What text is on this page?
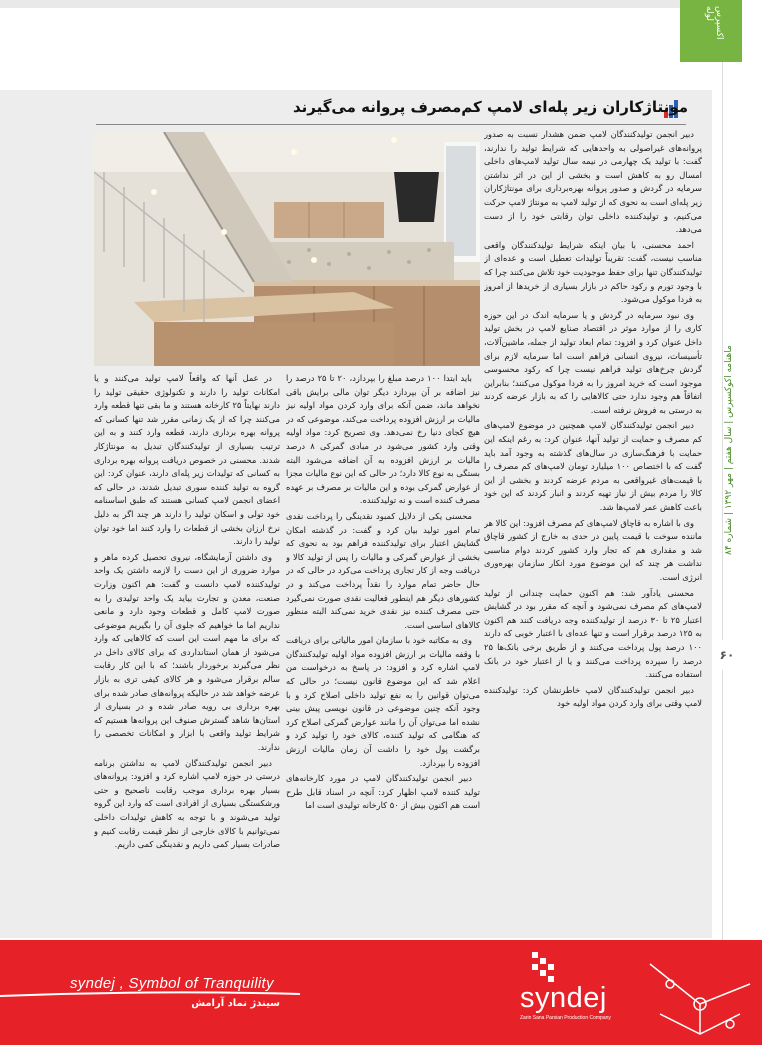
اکسپرس لوله
ماهنامه اکوکسپرس | سال هفتم | مهر ۱۳۹۲ | شماره ۸۴
۶۰
مونتاژکاران زیر پله‌ای لامپ کم‌مصرف پروانه می‌گیرند

دبیر انجمن تولیدکنندگان لامپ ضمن هشدار نسبت به صدور پروانه‌های غیراصولی به واحدهایی که شرایط تولید را ندارند، گفت: با تولید یک چهارمی در نیمه سال تولید لامپ‌های داخلی امسال رو به کاهش است و بخشی از این در اثر نداشتن سرمایه در گردش و صدور پروانه بهره‌برداری برای مونتاژکاران زیر پله‌ای است به نحوی که از تولید لامپ به مونتاژ لامپ حرکت می‌کنیم، و تولیدکننده داخلی توان رقابتی خود را از دست می‌دهد.

احمد محسنی، با بیان اینکه شرایط تولیدکنندگان واقعی مناسب نیست، گفت: تقریباً تولیدات تعطیل است و عده‌ای از تولیدکنندگان تنها برای حفظ موجودیت خود تلاش می‌کنند چرا که با وجود تورم و رکود حاکم در بازار بسیاری از خریدها از امروز به فردا موکول می‌شود.

وی نبود سرمایه در گردش و یا سرمایه اندک در این حوزه کاری را از موارد موثر در اقتصاد صنایع لامپ در بخش تولید داخل عنوان کرد و افزود: تمام ابعاد تولید از جمله، ماشین‌آلات، تأسیسات، نیروی انسانی فراهم است اما سرمایه لازم برای گردش چرخ‌های تولید فراهم نیست چرا که رکود محسوسی موجود است که خرید امروز را به فردا موکول می‌کنند؛ بنابراین اتفاقاً هم وجود ندارد حتی کالاهایی را که به بازار عرضه کردند به درستی به فروش نرفته است.

دبیر انجمن تولیدکنندگان لامپ همچنین در موضوع لامپ‌های کم مصرف و حمایت از تولید آنها، عنوان کرد: به رغم اینکه این حمایت با فرهنگ‌سازی در سال‌های گذشته به وجود آمد باید گفت که با اختصاص ۱۰۰ میلیارد تومان لامپ‌های کم مصرف را با قیمت‌های غیرواقعی به مردم عرضه کردند و بخشی از این کالا را مردم بیش از نیاز تهیه کردند و انبار کردند که این خود باعث کاهش عمر لامپ‌ها شد.

وی با اشاره به قاچاق لامپ‌های کم مصرف افزود: این کالا هر ماننده سوخت با قیمت پایین در حدی به خارج از کشور قاچاق شد و مقداری هم که تجار وارد کشور کردند دوام مناسبی نداشت هر چند که این موضوع مورد انکار سازمان بهره‌وری انرژی است.

محسنی یادآور شد: هم اکنون حمایت چندانی از تولید لامپ‌های کم مصرف نمی‌شود و آنچه که مقرر بود در گشایش اعتبار ۲۵ تا ۳۰ درصد از تولیدکننده وجه دریافت کنند هم اکنون به ۱۲۵ درصد برقرار است و تنها عده‌ای با اعتبار خوبی که دارند ۱۰۰ درصد پول پرداخت می‌کنند و از طریق برخی بانک‌ها ۲۵ درصد را سپرده پرداخت می‌کنند و یا از اعتبار خود در بانک استفاده می‌کنند.

دبیر انجمن تولیدکنندگان لامپ خاطرنشان کرد: تولیدکننده لامپ وقتی برای وارد کردن مواد اولیه خود

باید ابتدا ۱۰۰ درصد مبلغ را بپردازد، ۲۰ تا ۲۵ درصد را نیز اضافه بر آن بپردازد دیگر توان مالی برایش باقی نخواهد ماند، ضمن آنکه برای وارد کردن مواد اولیه نیز مالیات بر ارزش افزوده پرداخت می‌کند، موضوعی که در هیچ کجای دنیا رخ نمی‌دهد. وی تصریح کرد: مواد اولیه وقتی وارد کشور می‌شود در مبادی گمرکی ۸ درصد مالیات بر ارزش افزوده به آن اضافه می‌شود البته بستگی به نوع کالا دارد؛ در حالی که این نوع مالیات مجزا از عوارض گمرکی بوده و این مالیات بر مصرف بر عهده مصرف کننده است و نه تولیدکننده.

محسنی یکی از دلایل کمبود نقدینگی را پرداخت نقدی تمام امور تولید بیان کرد و گفت: در گذشته امکان گشایش اعتبار برای تولیدکننده فراهم بود به نحوی که بخشی از عوارض گمرکی و مالیات را پس از تولید کالا و دریافت وجه از کار تجاری پرداخت می‌کرد در حالی که در حال حاضر تمام موارد را نقداً پرداخت می‌کند و در کشورهای دیگر هم اینطور فعالیت نقدی صورت نمی‌گیرد حتی مصرف کننده نیز نقدی خرید نمی‌کند البته منظور کالاهای اساسی است.

وی به مکاتبه خود با سازمان امور مالیاتی برای دریافت با وقفه مالیات بر ارزش افزوده مواد اولیه تولیدکنندگان لامپ اشاره کرد و افزود: در پاسخ به درخواست من اعلام شد که این موضوع قانون نیست؛ در حالی که می‌توان قوانین را به نفع تولید داخلی اصلاح کرد و با وجود آنکه چنین موضوعی در قانون نویسی پیش بینی نشده اما می‌توان آن را مانند عوارض گمرکی اصلاح کرد که هنگامی که تولید کننده، کالای خود را تولید کرد و برگشت پول خود را داشت آن زمان مالیات ارزش افزوده را بپردازد.

دبیر انجمن تولیدکنندگان لامپ در مورد کارخانه‌های تولید کننده لامپ اظهار کرد: آنچه در اسناد قابل طرح است هم اکنون بیش از ۵۰ کارخانه تولیدی است اما

در عمل آنها که واقعاً لامپ تولید می‌کنند و یا امکانات تولید را دارند و تکنولوژی حقیقی تولید را دارند نهایتاً ۲۵ کارخانه هستند و ما بقی تنها قطعه وارد می‌کنند چرا که از یک زمانی مقرر شد تنها کسانی که پروانه بهره برداری دارند، قطعه وارد کنند و به این ترتیب بسیاری از تولیدکنندگان تبدیل به مونتاژکار شدند. محسنی در خصوص دریافت پروانه بهره برداری به کسانی که تولیدات زیر پله‌ای دارند، عنوان کرد: این گروه به تولید کننده سوری تبدیل شدند، در حالی که اعضای انجمن لامپ کسانی هستند که طبق اساسنامه خود تولی و اسکان تولید را دارند هر چند اگر به دلیل نرخ ارزان بخشی از قطعات را وارد کنند اما خود توان تولید را دارند.

وی داشتن آزمایشگاه، نیروی تحصیل کرده ماهر و موارد ضروری از این دست را لازمه داشتن یک واحد تولیدکننده لامپ دانست و گفت: هم اکنون وزارت صنعت، معدن و تجارت بیاید یک واحد تولیدی را به صورت لامپ کامل و قطعات وجود دارد و مانعی نداریم اما ما خواهیم که جلوی آن را بگیریم موضوعی که برای ما مهم است این است که کالاهایی که وارد می‌شود از همان استانداردی که برای کالای داخل در نظر می‌گیرند برخوردار باشند؛ که با این کار رقابت سالم برقرار می‌شود و هر کالای کیفی تری به بازار عرضه خواهد شد در حالیکه پروانه‌های صادر شده برای بهره برداری بی رویه صادر شده و در بسیاری از استان‌ها شاهد گسترش صنوف این پروانه‌ها هستیم که شرایط تولید واقعی با ابزار و امکانات تخصصی را ندارند.

دبیر انجمن تولیدکنندگان لامپ به نداشتن برنامه درستی در حوزه لامپ اشاره کرد و افزود: پروانه‌های بسیار بهره برداری موجب رقابت ناصحیح و حتی ورشکستگی بسیاری از افرادی است که وارد این گروه تولید می‌شوند و با توجه به کاهش تولیدات داخلی نمی‌توانیم با کالای خارجی از نظر قیمت رقابت کنیم و صادرات بسیار کمی داریم و نقدینگی کمی داریم.

syndej , Symbol of Tranquility
سیندژ نماد آرامش	syndej
Zarin Sana Parsian Production Company
